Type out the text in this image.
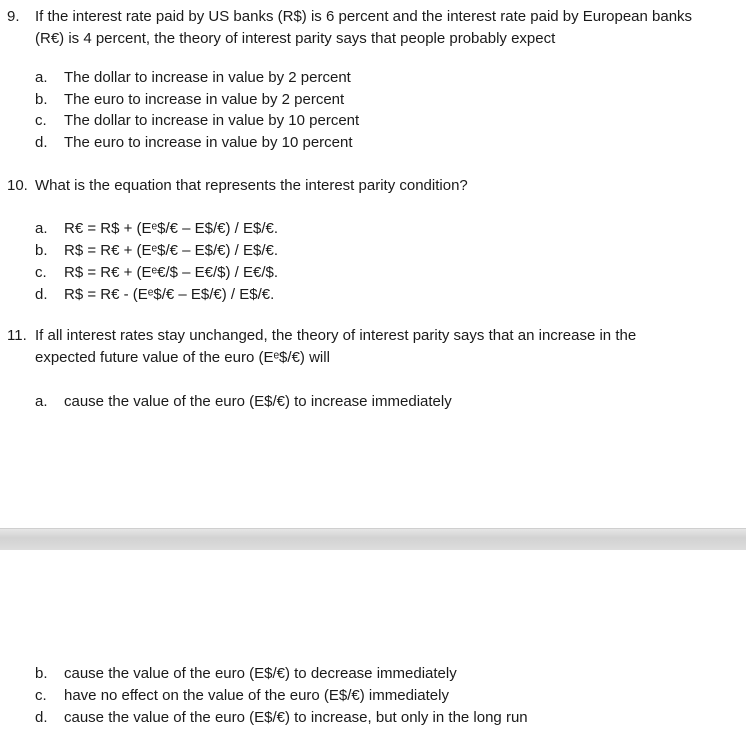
9. If the interest rate paid by US banks (R$) is 6 percent and the interest rate paid by European banks
(R€) is 4 percent, the theory of interest parity says that people probably expect
a. The dollar to increase in value by 2 percent
b. The euro to increase in value by 2 percent
c. The dollar to increase in value by 10 percent
d. The euro to increase in value by 10 percent
10. What is the equation that represents the interest parity condition?
a. R€ = R$ + (Eᵉ$/€ – E$/€) / E$/€.
b. R$ = R€ + (Eᵉ$/€ – E$/€) / E$/€.
c. R$ = R€ + (Eᵉ€/$ – E€/$) / E€/$.
d. R$ = R€ - (Eᵉ$/€ – E$/€) / E$/€.
11. If all interest rates stay unchanged, the theory of interest parity says that an increase in the
expected future value of the euro (Eᵉ$/€) will
a. cause the value of the euro (E$/€) to increase immediately
b. cause the value of the euro (E$/€) to decrease immediately
c. have no effect on the value of the euro (E$/€) immediately
d. cause the value of the euro (E$/€) to increase, but only in the long run
